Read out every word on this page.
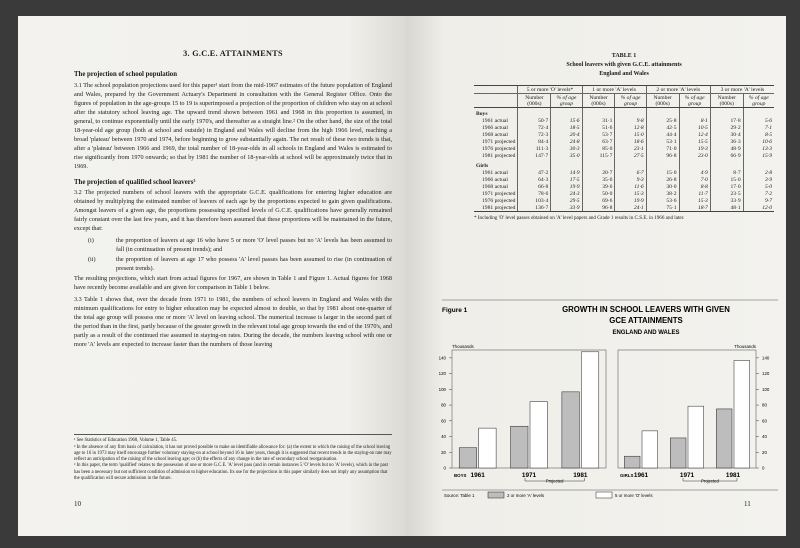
3. G.C.E. ATTAINMENTS
The projection of school population

3.1 The school population projections used for this paper¹ start from the mid-1967 estimates of the future population of England and Wales, prepared by the Government Actuary's Department in consultation with the General Register Office. Onto the figures of population in the age-groups 15 to 19 is superimposed a projection of the proportion of children who stay on at school after the statutory school leaving age. The upward trend shown between 1961 and 1968 in this proportion is assumed, in general, to continue exponentially until the early 1970's, and thereafter as a straight line.² On the other hand, the size of the total 18-year-old age group (both at school and outside) in England and Wales will decline from the high 1966 level, reaching a broad 'plateau' between 1970 and 1974, before beginning to grow substantially again. The net result of these two trends is that, after a 'plateau' between 1966 and 1969, the total number of 18-year-olds in all schools in England and Wales is estimated to rise significantly from 1970 onwards; so that by 1981 the number of 18-year-olds at school will be approximately twice that in 1969.

The projection of qualified school leavers³

3.2 The projected numbers of school leavers with the appropriate G.C.E. qualifications for entering higher education are obtained by multiplying the estimated number of leavers of each age by the proportions expected to gain given qualifications. Amongst leavers of a given age, the proportions possessing specified levels of G.C.E. qualifications have generally remained fairly constant over the last few years, and it has therefore been assumed that these proportions will be maintained in the future, except that:

(i)	the proportion of leavers at age 16 who have 5 or more 'O' level passes but no 'A' levels has been assumed to fall (in continuation of present trends); and
(ii)	the proportion of leavers at age 17 who possess 'A' level passes has been assumed to rise (in continuation of present trends).

The resulting projections, which start from actual figures for 1967, are shown in Table 1 and Figure 1. Actual figures for 1968 have recently become available and are given for comparison in Table 1 below.

3.3 Table 1 shows that, over the decade from 1971 to 1981, the numbers of school leavers in England and Wales with the minimum qualifications for entry to higher education may be expected almost to double, so that by 1981 about one-quarter of the total age group will possess one or more 'A' level on leaving school. The numerical increase is larger in the second part of the period than in the first, partly because of the greater growth in the relevant total age group towards the end of the 1970's, and partly as a result of the continued rise assumed in staying-on rates. During the decade, the numbers leaving school with one or more 'A' levels are expected to increase faster than the numbers of those leaving

¹ See Statistics of Education 1968, Volume 1, Table 45.
² In the absence of any firm basis of calculation, it has not proved possible to make an identifiable allowance for: (a) the extent to which the raising of the school leaving age to 16 in 1973 may itself encourage further voluntary staying-on at school beyond 16 in later years, though it is suggested that recent trends in the staying-on rate may reflect an anticipation of the raising of the school leaving age; or (b) the effects of any change in the rate of secondary school reorganisation.
³ In this paper, the term 'qualified' relates to the possession of one or more G.C.E. 'A' level pass (and in certain instances 5 'O' levels but no 'A' levels), which in the past has been a necessary but not sufficient condition of admission to higher education. Its use for the projections in this paper similarly does not imply any assumption that the qualification will secure admission in the future.
10
TABLE 1
School leavers with given G.C.E. attainments
England and Wales
	5 or more 'O' levels*		1 or more 'A' levels		2 or more 'A' levels		3 or more 'A' levels	
	Number (000s)	% of age group	Number (000s)	% of age group	Number (000s)	% of age group	Number (000s)	% of age group
Boys								
1961 actual	50·7	15·6	31·1	9·8	25·8	8·1	17·8	5·6
1966 actual	72·4	18·5	51·6	12·8	42·5	10·5	29·2	7·1
1968 actual	72·3	20·4	53·7	15·0	44·4	12·4	30·4	8·5
1971 projected	84·4	24·8	63·7	18·6	53·1	15·5	36·3	10·6
1976 projected	111·3	30·3	85·0	23·1	71·0	19·3	48·9	13·3
1981 projected	147·7	35·0	115·7	27·5	96·8	23·0	66·9	15·9
Girls								
1961 actual	47·2	14·9	20·7	6·7	15·0	4·9	8·7	2·8
1966 actual	64·3	17·5	35·6	9·3	26·8	7·0	15·0	3·9
1968 actual	66·8	19·9	39·6	11·6	30·0	8·8	17·0	5·0
1971 projected	78·6	24·3	50·0	15·3	38·2	11·7	23·5	7·2
1976 projected	103·4	29·5	69·6	19·9	53·6	15·3	33·9	9·7
1981 projected	136·7	33·9	96·8	24·1	75·1	18·7	48·1	12·0
* Including 'O' level passes obtained on 'A' level papers and Grade 1 results in C.S.E. in 1966 and later.
Figure 1	GROWTH IN SCHOOL LEAVERS WITH GIVEN
GCE ATTAINMENTS
ENGLAND AND WALES
Thousands	Thousands
0
20
40
60
80
100
120
140
1961	1971	1981
BOYS
Projected
0
20
40
60
80
100
120
140
1961	1971	1981
GIRLS
Projected
Source: Table 1	2 or more 'A' levels	5 or more 'O' levels
11
